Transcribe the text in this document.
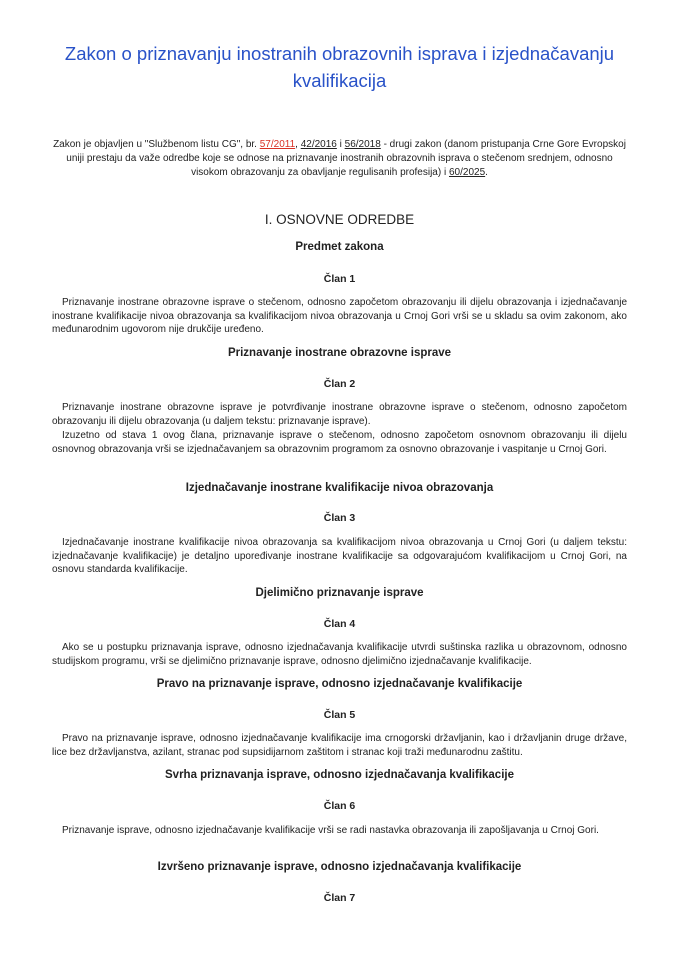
Zakon o priznavanju inostranih obrazovnih isprava i izjednačavanju kvalifikacija
Zakon je objavljen u "Službenom listu CG", br. 57/2011, 42/2016 i 56/2018 - drugi zakon (danom pristupanja Crne Gore Evropskoj uniji prestaju da važe odredbe koje se odnose na priznavanje inostranih obrazovnih isprava o stečenom srednjem, odnosno visokom obrazovanju za obavljanje regulisanih profesija) i 60/2025.
I. OSNOVNE ODREDBE
Predmet zakona
Član 1

Priznavanje inostrane obrazovne isprave o stečenom, odnosno započetom obrazovanju ili dijelu obrazovanja i izjednačavanje inostrane kvalifikacije nivoa obrazovanja sa kvalifikacijom nivoa obrazovanja u Crnoj Gori vrši se u skladu sa ovim zakonom, ako međunarodnim ugovorom nije drukčije uređeno.

Priznavanje inostrane obrazovne isprave
Član 2

Priznavanje inostrane obrazovne isprave je potvrđivanje inostrane obrazovne isprave o stečenom, odnosno započetom obrazovanju ili dijelu obrazovanja (u daljem tekstu: priznavanje isprave).

Izuzetno od stava 1 ovog člana, priznavanje isprave o stečenom, odnosno započetom osnovnom obrazovanju ili dijelu osnovnog obrazovanja vrši se izjednačavanjem sa obrazovnim programom za osnovno obrazovanje i vaspitanje u Crnoj Gori.

Izjednačavanje inostrane kvalifikacije nivoa obrazovanja
Član 3

Izjednačavanje inostrane kvalifikacije nivoa obrazovanja sa kvalifikacijom nivoa obrazovanja u Crnoj Gori (u daljem tekstu: izjednačavanje kvalifikacije) je detaljno upoređivanje inostrane kvalifikacije sa odgovarajućom kvalifikacijom u Crnoj Gori, na osnovu standarda kvalifikacije.

Djelimično priznavanje isprave
Član 4

Ako se u postupku priznavanja isprave, odnosno izjednačavanja kvalifikacije utvrdi suštinska razlika u obrazovnom, odnosno studijskom programu, vrši se djelimično priznavanje isprave, odnosno djelimično izjednačavanje kvalifikacije.

Pravo na priznavanje isprave, odnosno izjednačavanje kvalifikacije
Član 5

Pravo na priznavanje isprave, odnosno izjednačavanje kvalifikacije ima crnogorski državljanin, kao i državljanin druge države, lice bez državljanstva, azilant, stranac pod supsidijarnom zaštitom i stranac koji traži međunarodnu zaštitu.

Svrha priznavanja isprave, odnosno izjednačavanja kvalifikacije
Član 6

Priznavanje isprave, odnosno izjednačavanje kvalifikacije vrši se radi nastavka obrazovanja ili zapošljavanja u Crnoj Gori.

Izvršeno priznavanje isprave, odnosno izjednačavanja kvalifikacije
Član 7
